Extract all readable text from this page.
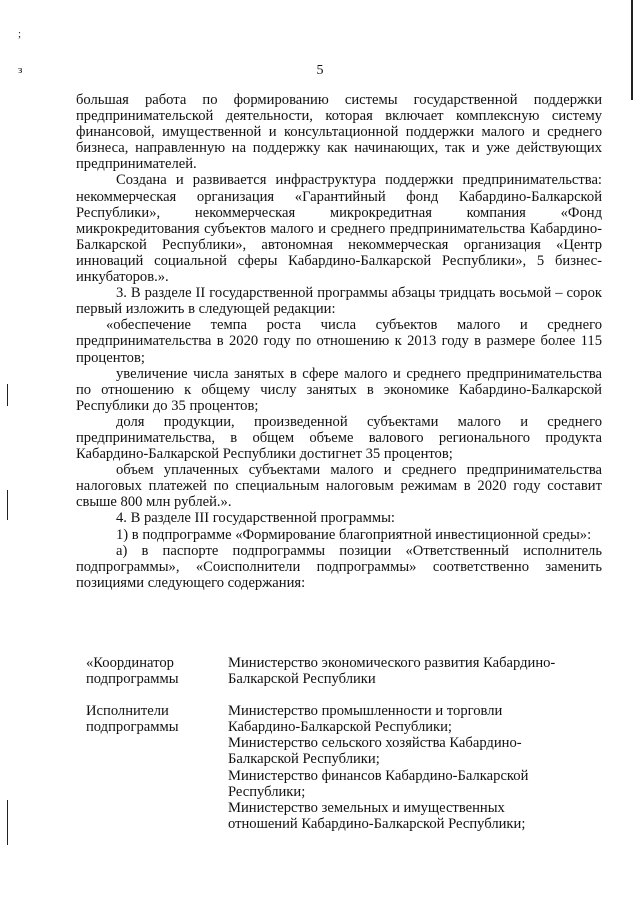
5
;
з

большая работа по формированию системы государственной поддержки предпринимательской деятельности, которая включает комплексную систему финансовой, имущественной и консультационной поддержки малого и среднего бизнеса, направленную на поддержку как начинающих, так и уже действующих предпринимателей.

Создана и развивается инфраструктура поддержки предпринимательства: некоммерческая организация «Гарантийный фонд Кабардино-Балкарской Республики», некоммерческая микрокредитная компания «Фонд микрокредитования субъектов малого и среднего предпринимательства Кабардино-Балкарской Республики», автономная некоммерческая организация «Центр инноваций социальной сферы Кабардино-Балкарской Республики», 5 бизнес-инкубаторов.».

3. В разделе II государственной программы абзацы тридцать восьмой – сорок первый изложить в следующей редакции:

«обеспечение темпа роста числа субъектов малого и среднего предпринимательства в 2020 году по отношению к 2013 году в размере более 115 процентов;

увеличение числа занятых в сфере малого и среднего предпринимательства по отношению к общему числу занятых в экономике Кабардино-Балкарской Республики до 35 процентов;

доля продукции, произведенной субъектами малого и среднего предпринимательства, в общем объеме валового регионального продукта Кабардино-Балкарской Республики достигнет 35 процентов;

объем уплаченных субъектами малого и среднего предпринимательства налоговых платежей по специальным налоговым режимам в 2020 году составит свыше 800 млн рублей.».

4. В разделе III государственной программы:

1) в подпрограмме «Формирование благоприятной инвестиционной среды»:

а) в паспорте подпрограммы позиции «Ответственный исполнитель подпрограммы», «Соисполнители подпрограммы» соответственно заменить позициями следующего содержания:

«Координатор
подпрограммы
Министерство экономического развития Кабардино-
Балкарской Республики
Исполнители
подпрограммы
Министерство промышленности и торговли
Кабардино-Балкарской Республики;
Министерство сельского хозяйства Кабардино-
Балкарской Республики;
Министерство финансов Кабардино-Балкарской
Республики;
Министерство земельных и имущественных
отношений Кабардино-Балкарской Республики;
